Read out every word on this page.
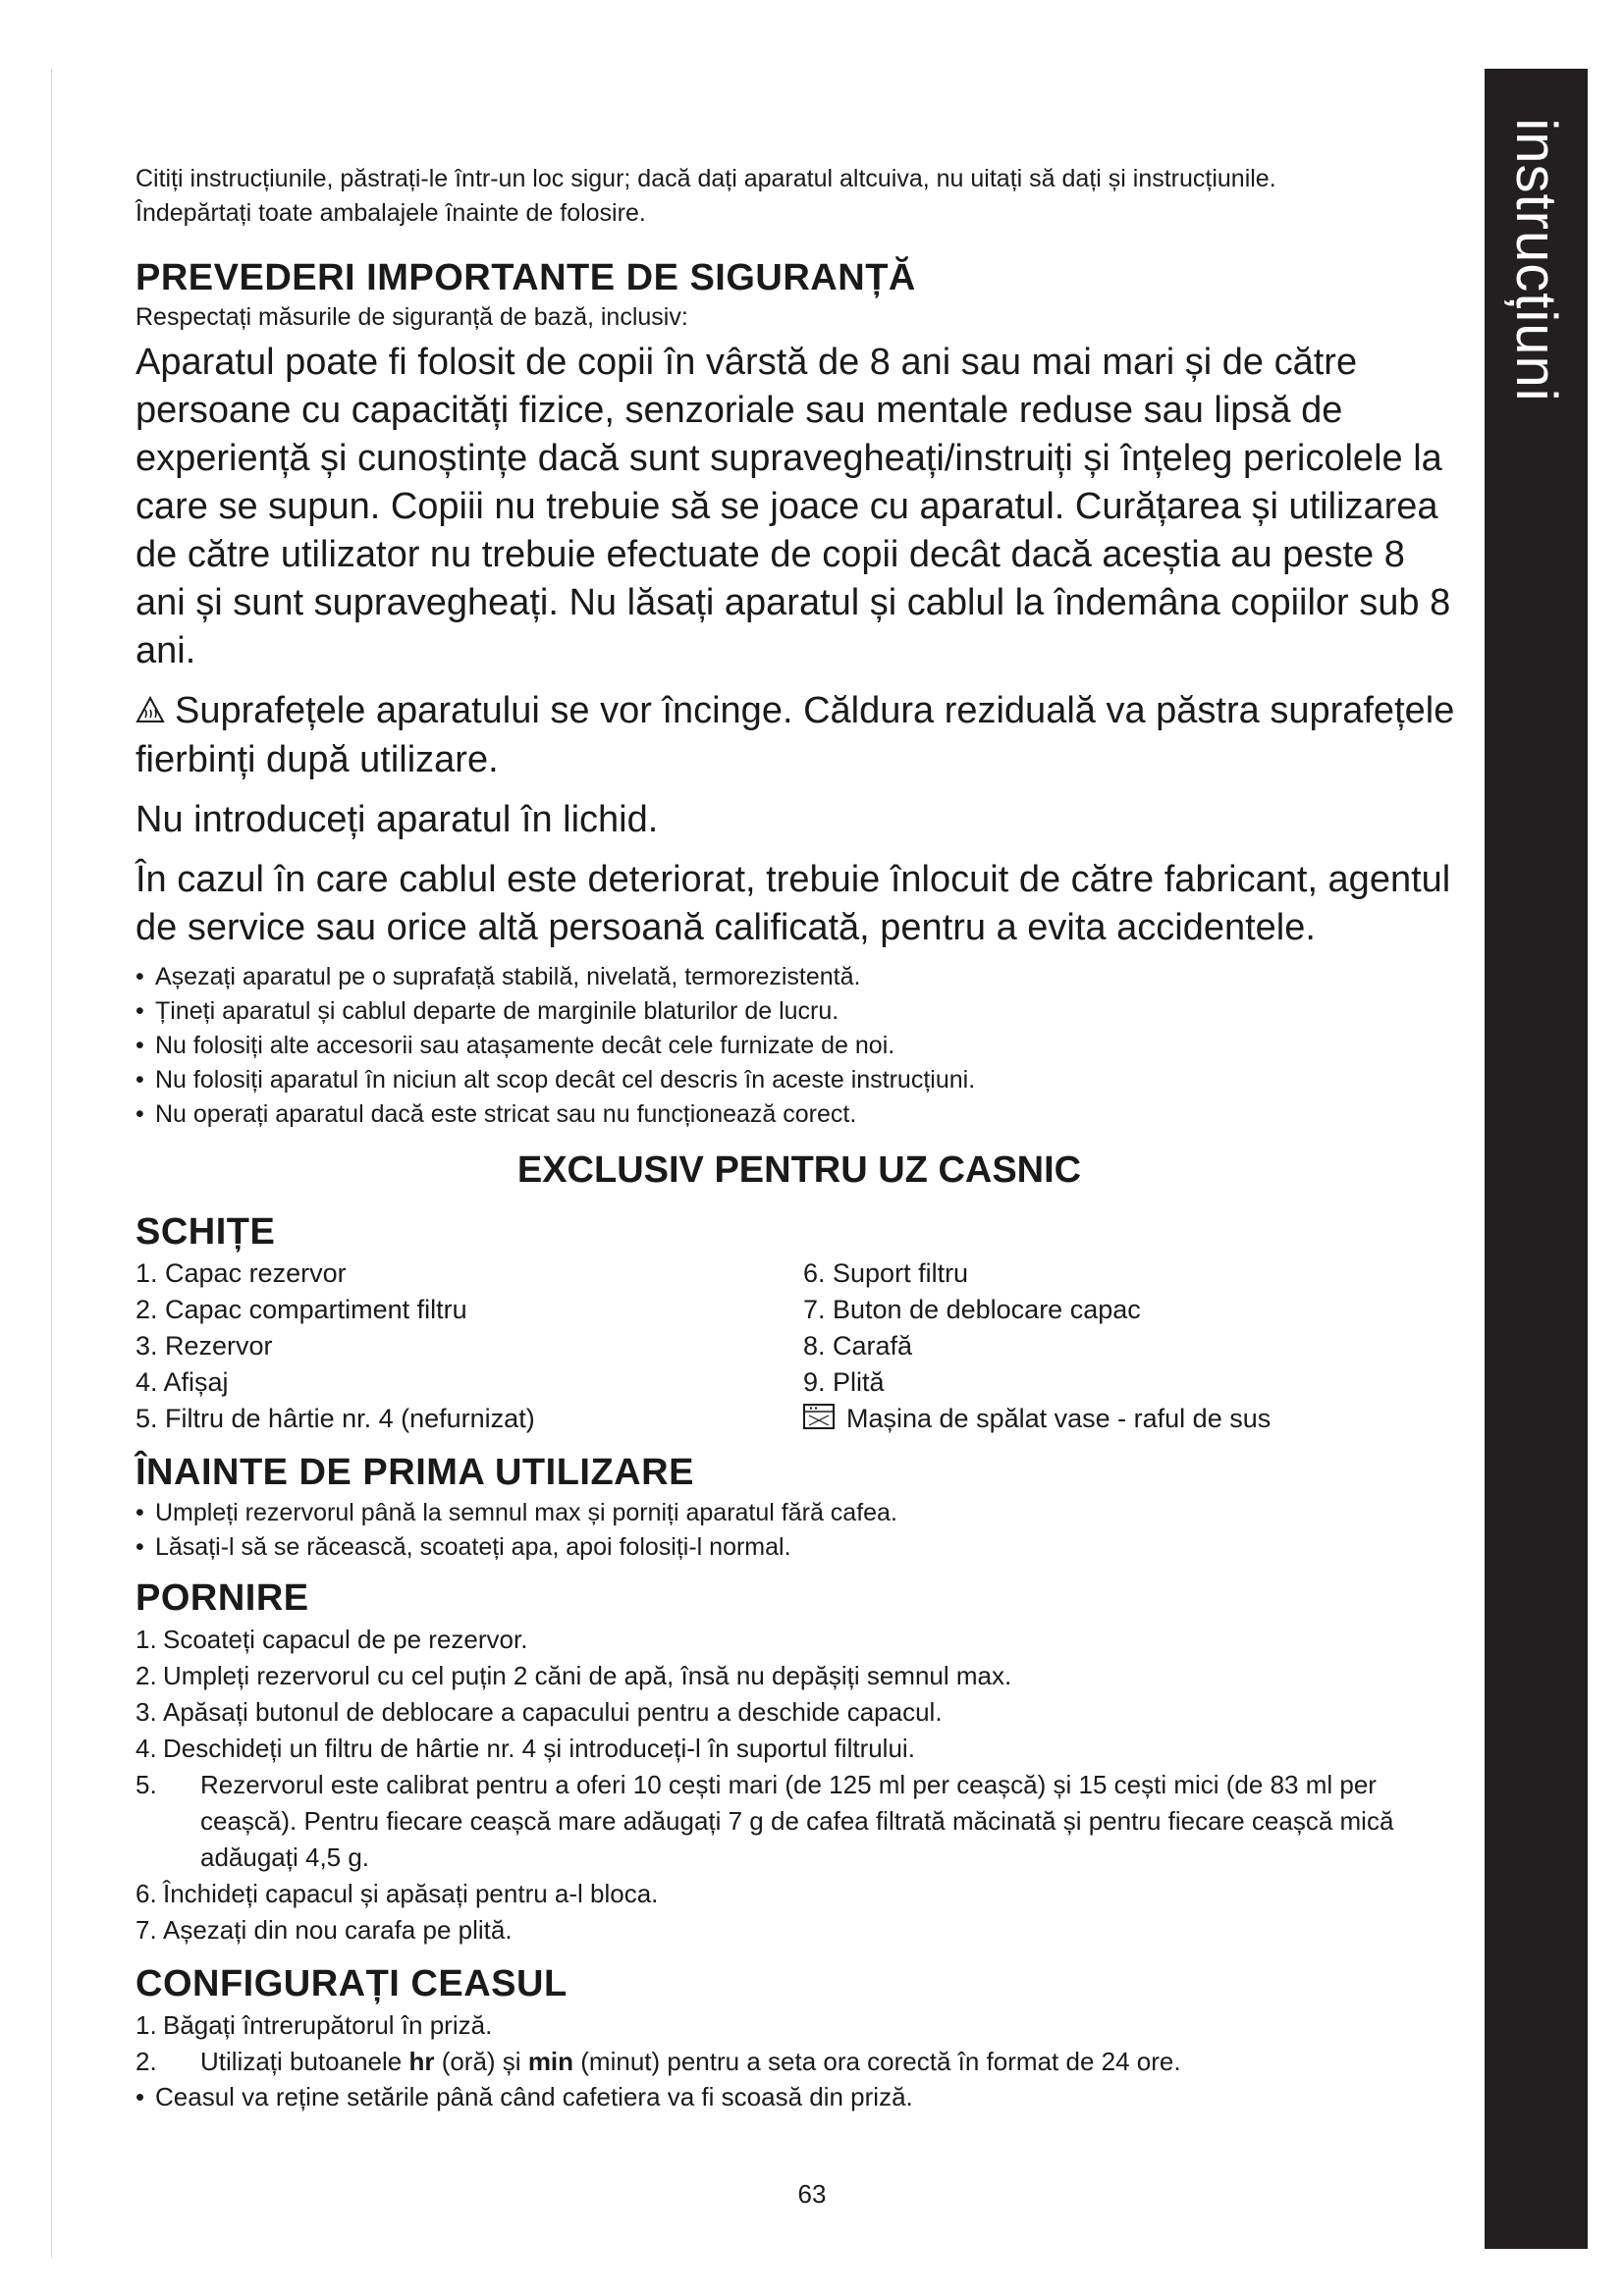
instrucțiuni

Citiți instrucțiunile, păstrați-le într-un loc sigur; dacă dați aparatul altcuiva, nu uitați să dați și instrucțiunile.

Îndepărtați toate ambalajele înainte de folosire.

PREVEDERI IMPORTANTE DE SIGURANȚĂ

Respectați măsurile de siguranță de bază, inclusiv:

Aparatul poate fi folosit de copii în vârstă de 8 ani sau mai mari și de către persoane cu capacități fizice, senzoriale sau mentale reduse sau lipsă de experiență și cunoștințe dacă sunt supravegheați/instruiți și înțeleg pericolele la care se supun. Copiii nu trebuie să se joace cu aparatul. Curățarea și utilizarea de către utilizator nu trebuie efectuate de copii decât dacă aceștia au peste 8 ani și sunt supravegheați. Nu lăsați aparatul și cablul la îndemâna copiilor sub 8 ani.

Suprafețele aparatului se vor încinge. Căldura reziduală va păstra suprafețele fierbinți după utilizare.

Nu introduceți aparatul în lichid.

În cazul în care cablul este deteriorat, trebuie înlocuit de către fabricant, agentul de service sau orice altă persoană calificată, pentru a evita accidentele.

• Așezați aparatul pe o suprafață stabilă, nivelată, termorezistentă.
• Țineți aparatul și cablul departe de marginile blaturilor de lucru.
• Nu folosiți alte accesorii sau atașamente decât cele furnizate de noi.
• Nu folosiți aparatul în niciun alt scop decât cel descris în aceste instrucțiuni.
• Nu operați aparatul dacă este stricat sau nu funcționează corect.

EXCLUSIV PENTRU UZ CASNIC

SCHIȚE
1. Capac rezervor
2. Capac compartiment filtru
3. Rezervor
4. Afișaj
5. Filtru de hârtie nr. 4 (nefurnizat)
6. Suport filtru
7. Buton de deblocare capac
8. Carafă
9. Plită
Mașina de spălat vase - raful de sus
ÎNAINTE DE PRIMA UTILIZARE
• Umpleți rezervorul până la semnul max și porniți aparatul fără cafea.
• Lăsați-l să se răcească, scoateți apa, apoi folosiți-l normal.
PORNIRE
1. Scoateți capacul de pe rezervor.
2. Umpleți rezervorul cu cel puțin 2 căni de apă, însă nu depășiți semnul max.
3. Apăsați butonul de deblocare a capacului pentru a deschide capacul.
4. Deschideți un filtru de hârtie nr. 4 și introduceți-l în suportul filtrului.
5.	Rezervorul este calibrat pentru a oferi 10 cești mari (de 125 ml per ceașcă) și 15 cești mici (de 83 ml per ceașcă). Pentru fiecare ceașcă mare adăugați 7 g de cafea filtrată măcinată și pentru fiecare ceașcă mică adăugați 4,5 g.
6. Închideți capacul și apăsați pentru a-l bloca.
7. Așezați din nou carafa pe plită.
CONFIGURAȚI CEASUL
1. Băgați întrerupătorul în priză.
2.	Utilizați butoanele hr (oră) și min (minut) pentru a seta ora corectă în format de 24 ore.
• Ceasul va reține setările până când cafetiera va fi scoasă din priză.
63
